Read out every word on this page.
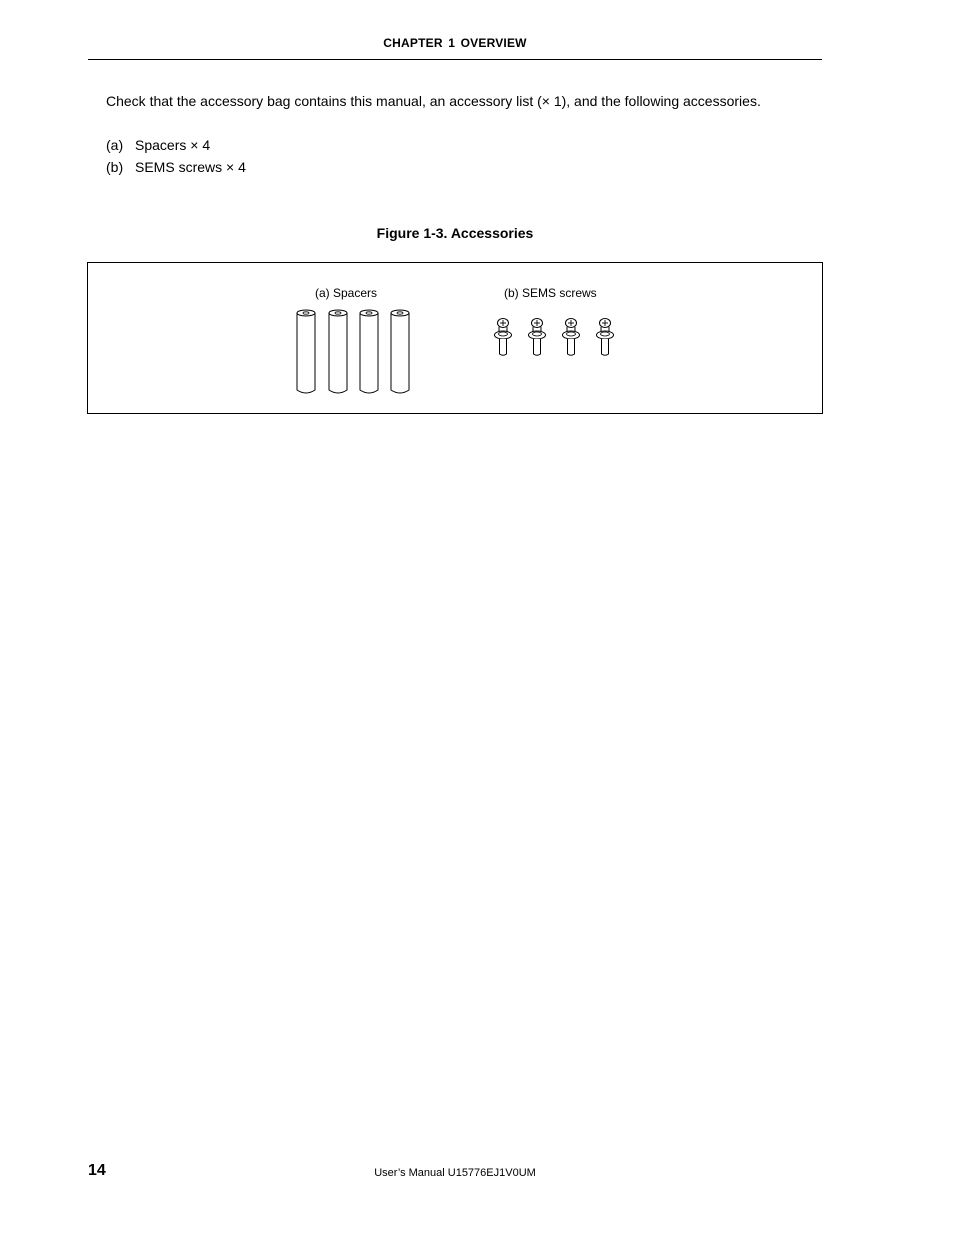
CHAPTER 1 OVERVIEW
Check that the accessory bag contains this manual, an accessory list (× 1), and the following accessories.
(a) Spacers × 4
(b) SEMS screws × 4
Figure 1-3. Accessories
(a) Spacers	(b) SEMS screws
14	User’s Manual U15776EJ1V0UM
